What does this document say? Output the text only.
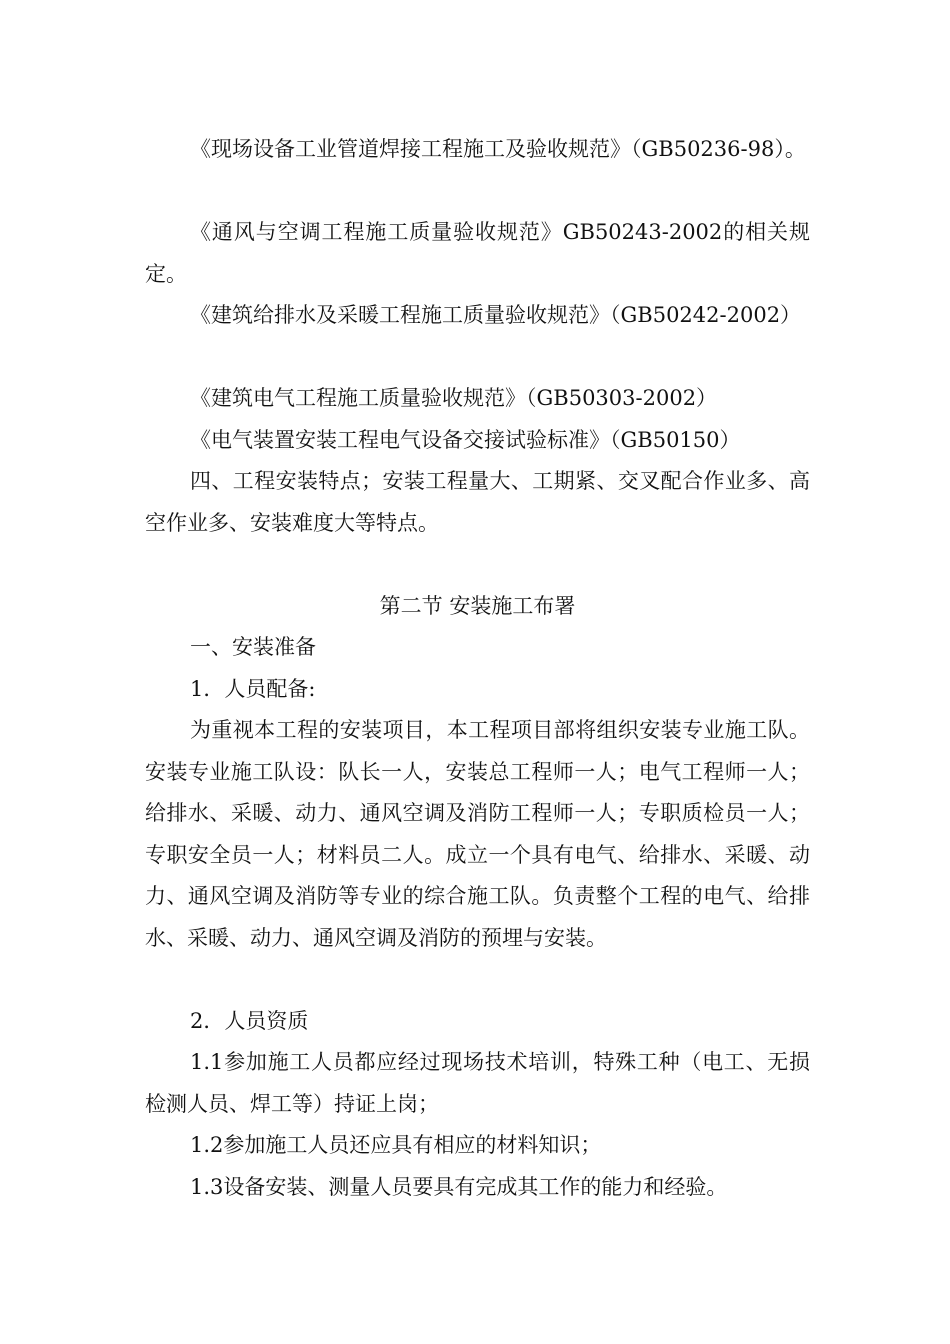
《现场设备工业管道焊接工程施工及验收规范》（GB50236-98）。

《通风与空调工程施工质量验收规范》GB50243-2002的相关规定。

《建筑给排水及采暖工程施工质量验收规范》（GB50242-2002）

《建筑电气工程施工质量验收规范》（GB50303-2002）

《电气装置安装工程电气设备交接试验标准》（GB50150）

四、工程安装特点；安装工程量大、工期紧、交叉配合作业多、高空作业多、安装难度大等特点。

第二节 安装施工布署

一、安装准备

1．人员配备:

为重视本工程的安装项目，本工程项目部将组织安装专业施工队。安装专业施工队设：队长一人，安装总工程师一人；电气工程师一人；给排水、采暖、动力、通风空调及消防工程师一人；专职质检员一人；专职安全员一人；材料员二人。成立一个具有电气、给排水、采暖、动力、通风空调及消防等专业的综合施工队。负责整个工程的电气、给排水、采暖、动力、通风空调及消防的预埋与安装。

2．人员资质

1.1参加施工人员都应经过现场技术培训，特殊工种（电工、无损检测人员、焊工等）持证上岗；

1.2参加施工人员还应具有相应的材料知识；

1.3设备安装、测量人员要具有完成其工作的能力和经验。
